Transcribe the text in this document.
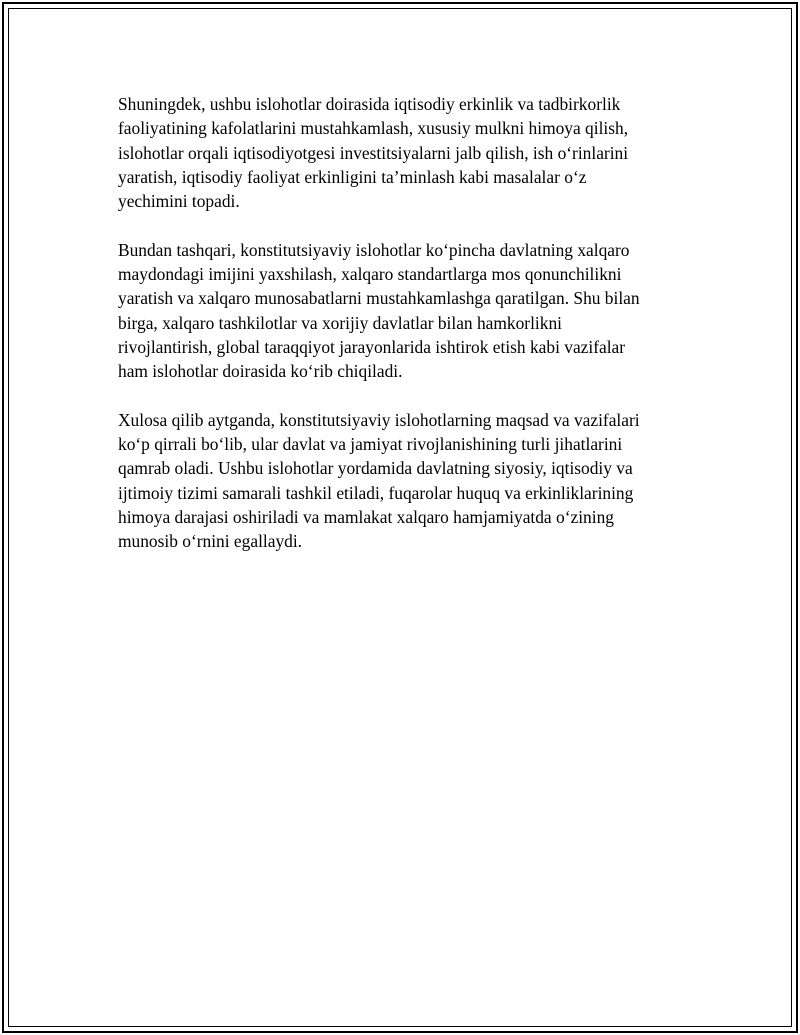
Shuningdek, ushbu islohotlar doirasida iqtisodiy erkinlik va tadbirkorlik
faoliyatining kafolatlarini mustahkamlash, xususiy mulkni himoya qilish,
islohotlar orqali iqtisodiyotgesi investitsiyalarni jalb qilish, ish o‘rinlarini
yaratish, iqtisodiy faoliyat erkinligini ta’minlash kabi masalalar o‘z
yechimini topadi.

Bundan tashqari, konstitutsiyaviy islohotlar ko‘pincha davlatning xalqaro
maydondagi imijini yaxshilash, xalqaro standartlarga mos qonunchilikni
yaratish va xalqaro munosabatlarni mustahkamlashga qaratilgan. Shu bilan
birga, xalqaro tashkilotlar va xorijiy davlatlar bilan hamkorlikni
rivojlantirish, global taraqqiyot jarayonlarida ishtirok etish kabi vazifalar
ham islohotlar doirasida ko‘rib chiqiladi.

Xulosa qilib aytganda, konstitutsiyaviy islohotlarning maqsad va vazifalari
ko‘p qirrali bo‘lib, ular davlat va jamiyat rivojlanishining turli jihatlarini
qamrab oladi. Ushbu islohotlar yordamida davlatning siyosiy, iqtisodiy va
ijtimoiy tizimi samarali tashkil etiladi, fuqarolar huquq va erkinliklarining
himoya darajasi oshiriladi va mamlakat xalqaro hamjamiyatda o‘zining
munosib o‘rnini egallaydi.
